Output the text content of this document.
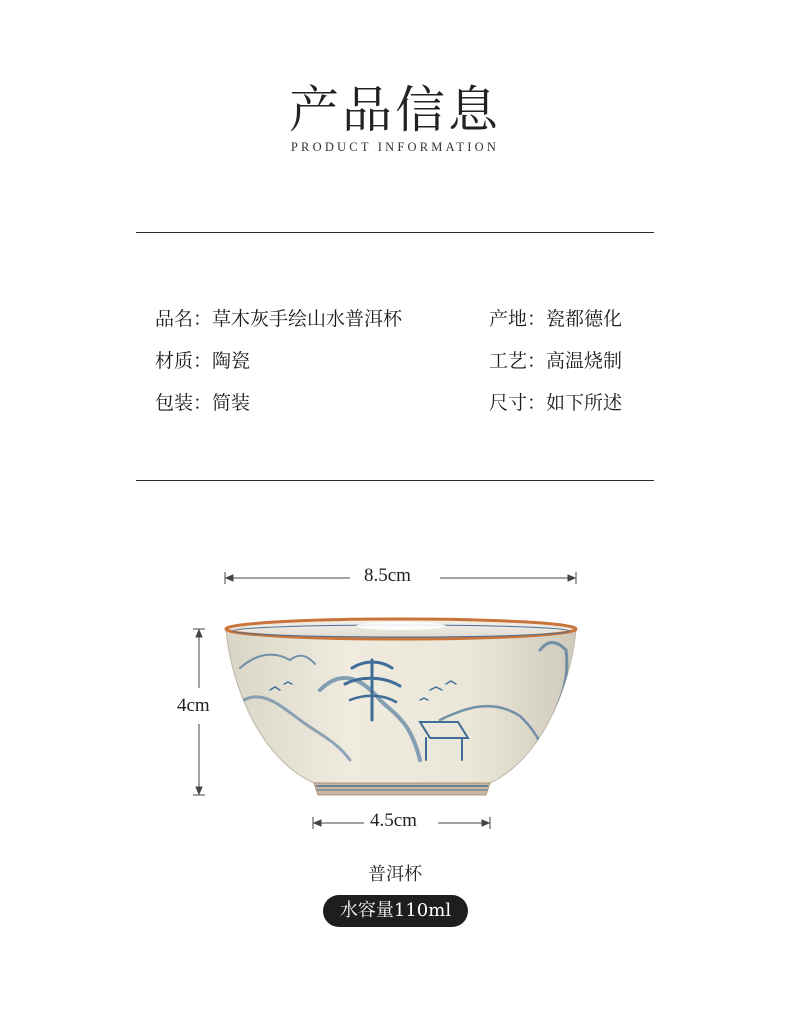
产品信息
PRODUCT INFORMATION
品名：草木灰手绘山水普洱杯	产地：瓷都德化
材质：陶瓷	工艺：高温烧制
包装：简装	尺寸：如下所述
8.5cm
4cm
4.5cm
普洱杯
水容量110ml
